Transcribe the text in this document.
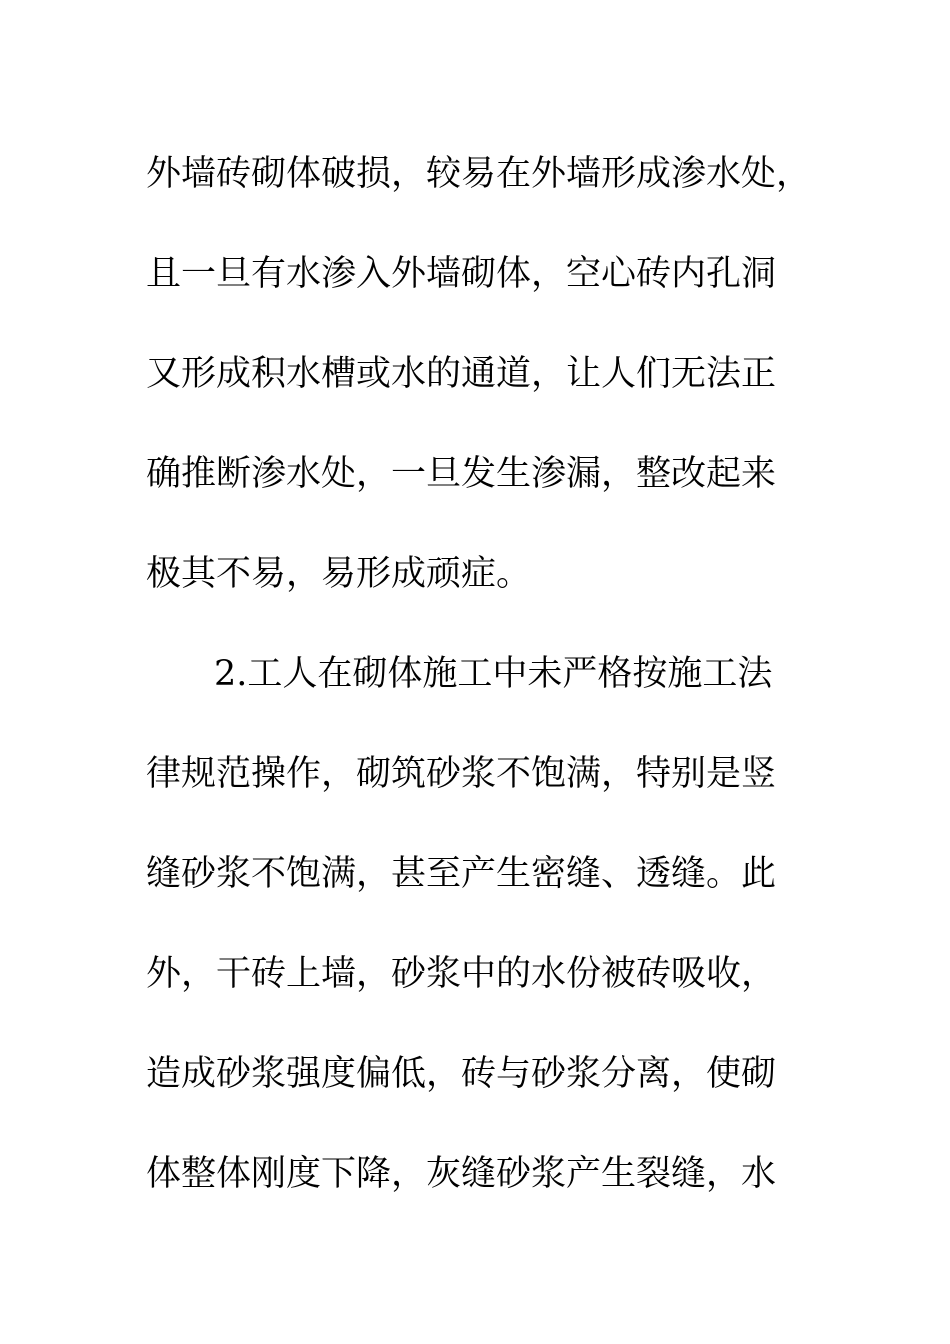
外墙砖砌体破损，较易在外墙形成渗水处，
且一旦有水渗入外墙砌体，空心砖内孔洞
又形成积水槽或水的通道，让人们无法正
确推断渗水处，一旦发生渗漏，整改起来
极其不易，易形成顽症。
2.工人在砌体施工中未严格按施工法
律规范操作，砌筑砂浆不饱满，特别是竖
缝砂浆不饱满，甚至产生密缝、透缝。此
外，干砖上墙，砂浆中的水份被砖吸收，
造成砂浆强度偏低，砖与砂浆分离，使砌
体整体刚度下降，灰缝砂浆产生裂缝，水
